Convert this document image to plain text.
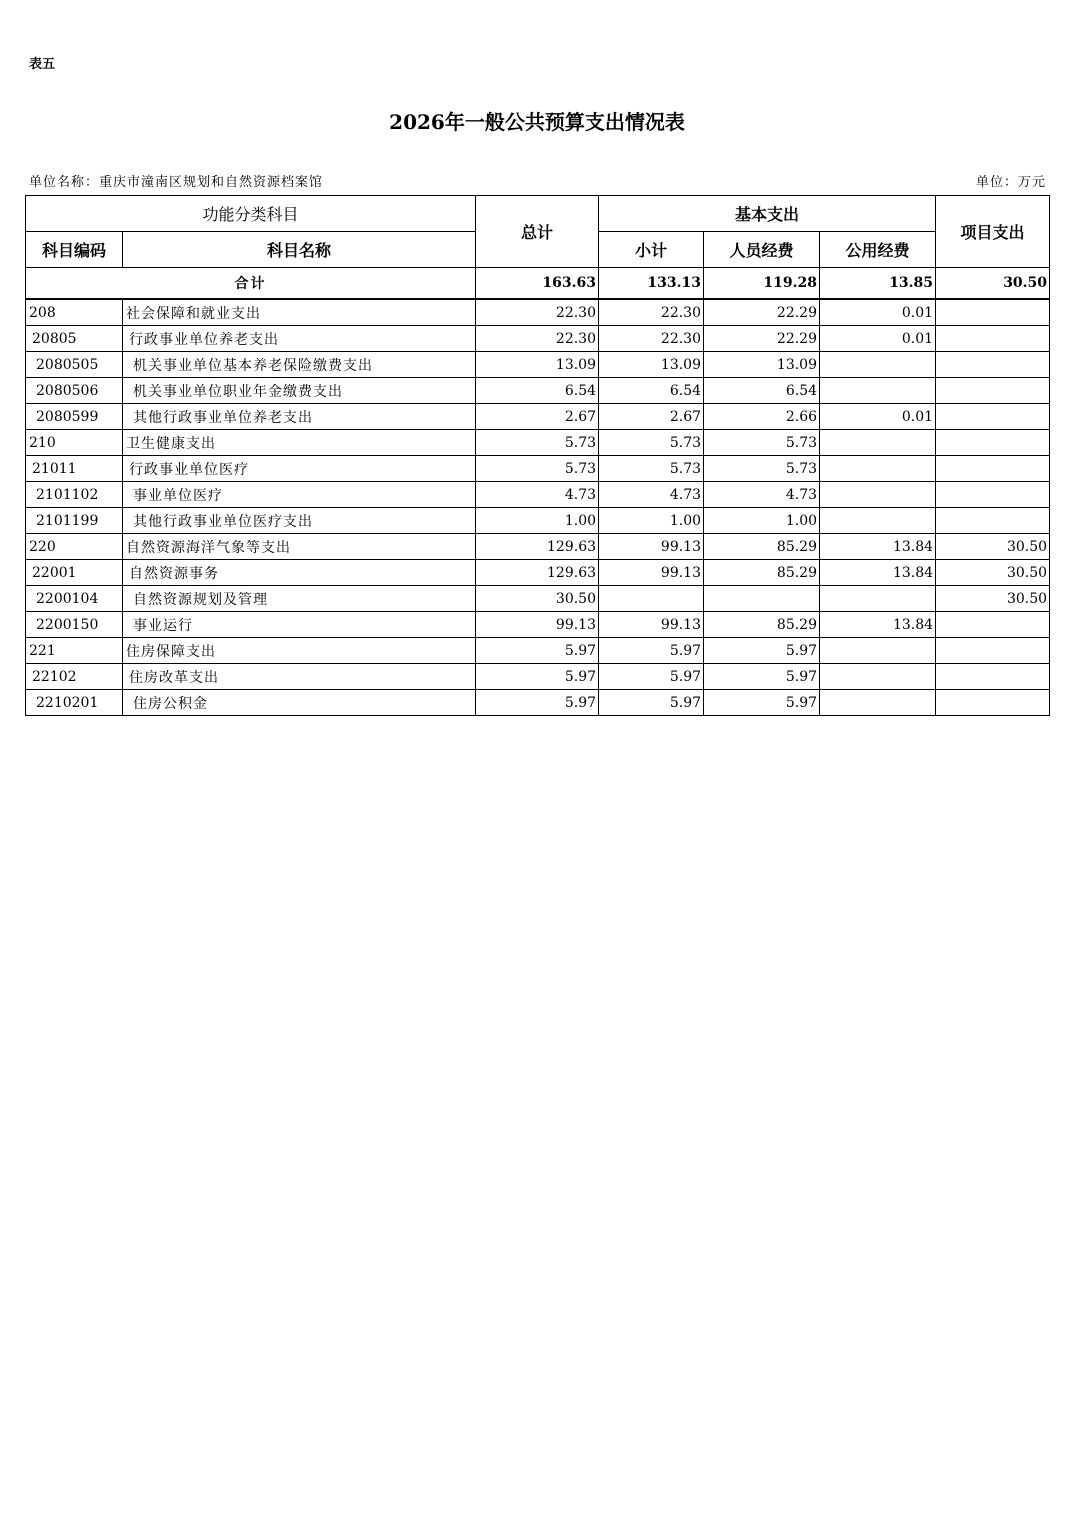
表五
2026年一般公共预算支出情况表
单位名称：重庆市潼南区规划和自然资源档案馆	单位：万元
功能分类科目		总计	基本支出			项目支出
科目编码	科目名称		小计	人员经费	公用经费	
合计		163.63	133.13	119.28	13.85	30.50
208	社会保障和就业支出	22.30	22.30	22.29	0.01	
20805	行政事业单位养老支出	22.30	22.30	22.29	0.01	
2080505	机关事业单位基本养老保险缴费支出	13.09	13.09	13.09		
2080506	机关事业单位职业年金缴费支出	6.54	6.54	6.54		
2080599	其他行政事业单位养老支出	2.67	2.67	2.66	0.01	
210	卫生健康支出	5.73	5.73	5.73		
21011	行政事业单位医疗	5.73	5.73	5.73		
2101102	事业单位医疗	4.73	4.73	4.73		
2101199	其他行政事业单位医疗支出	1.00	1.00	1.00		
220	自然资源海洋气象等支出	129.63	99.13	85.29	13.84	30.50
22001	自然资源事务	129.63	99.13	85.29	13.84	30.50
2200104	自然资源规划及管理	30.50				30.50
2200150	事业运行	99.13	99.13	85.29	13.84	
221	住房保障支出	5.97	5.97	5.97		
22102	住房改革支出	5.97	5.97	5.97		
2210201	住房公积金	5.97	5.97	5.97		
